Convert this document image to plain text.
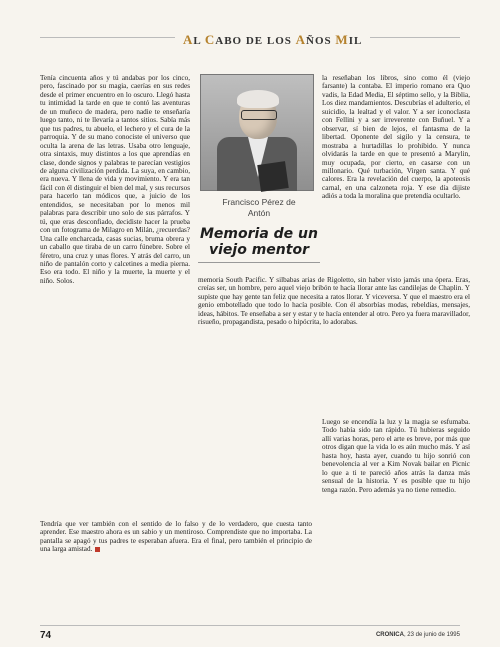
AL CABO DE LOS AÑOS MIL

Tenía cincuenta años y tú andabas por los cinco, pero, fascinado por su magia, caerías en sus redes desde el primer encuentro en lo oscuro. Llegó hasta tu intimidad la tarde en que te contó las aventuras de un muñeco de madera, pero nadie te enseñaría luego tanto, ni te llevaría a tantos sitios. Sabía más que tus padres, tu abuelo, el lechero y el cura de la parroquia. Y de su mano conociste el universo que oculta la arena de las letras. Usaba otro lenguaje, otra sintaxis, muy distintos a los que aprendías en clase, donde signos y palabras te parecían vestigios de alguna civilización perdida. La suya, en cambio, era nueva. Y llena de vida y movimiento. Y era tan fácil con él distinguir el bien del mal, y sus recursos para hacerlo tan módicos que, a juicio de los entendidos, se necesitaban por lo menos mil palabras para describir uno solo de sus párrafos. Y tú, que eras desconfiado, decidiste hacer la prueba con un fotograma de Milagro en Milán, ¿recuerdas? Una calle encharcada, casas sucias, bruma obrera y un caballo que tiraba de un carro fúnebre. Sobre el féretro, una cruz y unas flores. Y atrás del carro, un niño de pantalón corto y calcetines a media pierna. Eso era todo. El niño y la muerte, la muerte y el niño. Solos.

Francisco Pérez de Antón
Memoria de un viejo mentor

la reseñaban los libros, sino como él (viejo farsante) la contaba. El imperio romano era Quo vadis, la Edad Media, El séptimo sello, y la Biblia, Los diez mandamientos. Descubrías el adulterio, el suicidio, la lealtad y el valor. Y a ser iconoclasta con Fellini y a ser irreverente con Buñuel. Y a observar, sí bien de lejos, el fantasma de la libertad. Oponente del sigilo y la censura, te mostraba a hurtadillas lo prohibido. Y nunca olvidarás la tarde en que te presentó a Marylin, muy ocupada, por cierto, en casarse con un millonario. Qué turbación, Virgen santa. Y qué calores. Era la revelación del cuerpo, la apoteosis carnal, en una calzoneta roja. Y ese día dijiste adiós a toda la moralina que pretendía ocultarlo.

memoria South Pacific. Y silbabas arias de Rigoletto, sin haber visto jamás una ópera. Eras, creías ser, un hombre, pero aquel viejo bribón te hacía llorar ante las candilejas de Chaplin. Y supiste que hay gente tan feliz que necesita a ratos llorar. Y viceversa. Y que el maestro era el genio embotellado que todo lo hacía posible. Con él absorbías modas, rebeldías, mensajes, ideas, hábitos. Te enseñaba a ser y estar y te hacía entender al otro. Pero ya fuera maravillador, risueño, propagandista, pesado o hipócrita, lo adorabas.

Luego se encendía la luz y la magia se esfumaba. Todo había sido tan rápido. Tú hubieras seguido allí varias horas, pero el arte es breve, por más que otros digan que la vida lo es aún mucho más. Y así hasta hoy, hasta ayer, cuando tu hijo sonrió con benevolencia al ver a Kim Novak bailar en Picnic lo que a ti te pareció años atrás la danza más sensual de la historia. Y es posible que tu hijo tenga razón. Pero además ya no tiene remedio.

Tendría que ver también con el sentido de lo falso y de lo verdadero, que cuesta tanto aprender. Ese maestro ahora es un sabio y un mentiroso. Comprendiste que no importaba. La pantalla se apagó y tus padres te esperaban afuera. Era el final, pero también el principio de una larga amistad.

74	CRONICA, 23 de junio de 1995
